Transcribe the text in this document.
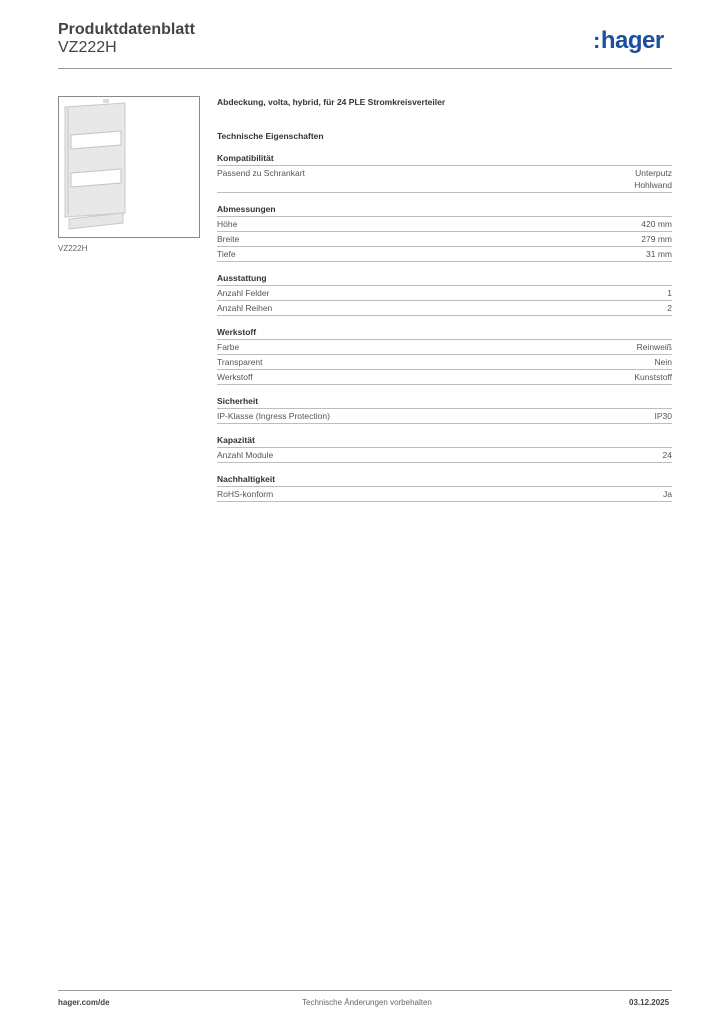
Produktdatenblatt
VZ222H	:hager
VZ222H
Abdeckung, volta, hybrid, für 24 PLE Stromkreisverteiler
Technische Eigenschaften
Kompatibilität
Passend zu Schrankart	Unterputz
Hohlwand
Abmessungen
Höhe	420 mm
Breite	279 mm
Tiefe	31 mm
Ausstattung
Anzahl Felder	1
Anzahl Reihen	2
Werkstoff
Farbe	Reinweiß
Transparent	Nein
Werkstoff	Kunststoff
Sicherheit
IP-Klasse (Ingress Protection)	IP30
Kapazität
Anzahl Module	24
Nachhaltigkeit
RoHS-konform	Ja
hager.com/de	Technische Änderungen vorbehalten	03.12.2025
